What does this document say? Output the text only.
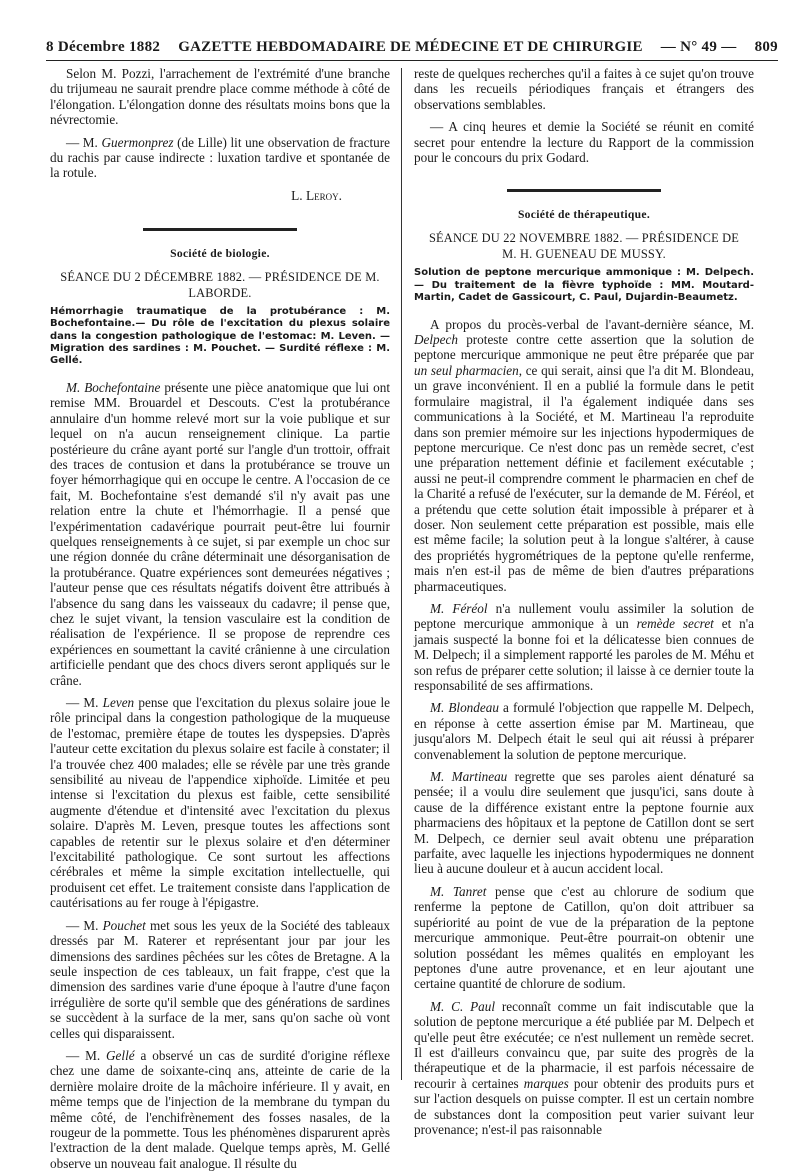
8 Décembre 1882 GAZETTE HEBDOMADAIRE DE MÉDECINE ET DE CHIRURGIE — N° 49 — 809

Selon M. Pozzi, l'arrachement de l'extrémité d'une branche du trijumeau ne saurait prendre place comme méthode à côté de l'élongation. L'élongation donne des résultats moins bons que la névrectomie.

— M. Guermonprez (de Lille) lit une observation de fracture du rachis par cause indirecte : luxation tardive et spontanée de la rotule.

L. Leroy.
Société de biologie.
SÉANCE DU 2 DÉCEMBRE 1882. — PRÉSIDENCE DE M. LABORDE.
Hémorrhagie traumatique de la protubérance : M. Bochefontaine.— Du rôle de l'excitation du plexus solaire dans la congestion pathologique de l'estomac: M. Leven. — Migration des sardines : M. Pouchet. — Surdité réflexe : M. Gellé.

M. Bochefontaine présente une pièce anatomique que lui ont remise MM. Brouardel et Descouts. C'est la protubérance annulaire d'un homme relevé mort sur la voie publique et sur lequel on n'a aucun renseignement clinique. La partie postérieure du crâne ayant porté sur l'angle d'un trottoir, offrait des traces de contusion et dans la protubérance se trouve un foyer hémorrhagique qui en occupe le centre. A l'occasion de ce fait, M. Bochefontaine s'est demandé s'il n'y avait pas une relation entre la chute et l'hémorrhagie. Il a pensé que l'expérimentation cadavérique pourrait peut-être lui fournir quelques renseignements à ce sujet, si par exemple un choc sur une région donnée du crâne déterminait une désorganisation de la protubérance. Quatre expériences sont demeurées négatives ; l'auteur pense que ces résultats négatifs doivent être attribués à l'absence du sang dans les vaisseaux du cadavre; il pense que, chez le sujet vivant, la tension vasculaire est la condition de réalisation de l'expérience. Il se propose de reprendre ces expériences en soumettant la cavité crânienne à une circulation artificielle pendant que des chocs divers seront appliqués sur le crâne.

— M. Leven pense que l'excitation du plexus solaire joue le rôle principal dans la congestion pathologique de la muqueuse de l'estomac, première étape de toutes les dyspepsies. D'après l'auteur cette excitation du plexus solaire est facile à constater; il l'a trouvée chez 400 malades; elle se révèle par une très grande sensibilité au niveau de l'appendice xiphoïde. Limitée et peu intense si l'excitation du plexus est faible, cette sensibilité augmente d'étendue et d'intensité avec l'excitation du plexus solaire. D'après M. Leven, presque toutes les affections sont capables de retentir sur le plexus solaire et d'en déterminer l'excitabilité pathologique. Ce sont surtout les affections cérébrales et même la simple excitation intellectuelle, qui produisent cet effet. Le traitement consiste dans l'application de cautérisations au fer rouge à l'épigastre.

— M. Pouchet met sous les yeux de la Société des tableaux dressés par M. Raterer et représentant jour par jour les dimensions des sardines pêchées sur les côtes de Bretagne. A la seule inspection de ces tableaux, un fait frappe, c'est que la dimension des sardines varie d'une époque à l'autre d'une façon irrégulière de sorte qu'il semble que des générations de sardines se succèdent à la surface de la mer, sans qu'on sache où vont celles qui disparaissent.

— M. Gellé a observé un cas de surdité d'origine réflexe chez une dame de soixante-cinq ans, atteinte de carie de la dernière molaire droite de la mâchoire inférieure. Il y avait, en même temps que de l'injection de la membrane du tympan du même côté, de l'enchifrènement des fosses nasales, de la rougeur de la pommette. Tous les phénomènes disparurent après l'extraction de la dent malade. Quelque temps après, M. Gellé observe un nouveau fait analogue. Il résulte du

reste de quelques recherches qu'il a faites à ce sujet qu'on trouve dans les recueils périodiques français et étrangers des observations semblables.

— A cinq heures et demie la Société se réunit en comité secret pour entendre la lecture du Rapport de la commission pour le concours du prix Godard.

Société de thérapeutique.
SÉANCE DU 22 NOVEMBRE 1882. — PRÉSIDENCE DE
M. H. GUENEAU DE MUSSY.
Solution de peptone mercurique ammonique : M. Delpech. — Du traitement de la fièvre typhoïde : MM. Moutard-Martin, Cadet de Gassicourt, C. Paul, Dujardin-Beaumetz.

A propos du procès-verbal de l'avant-dernière séance, M. Delpech proteste contre cette assertion que la solution de peptone mercurique ammonique ne peut être préparée que par un seul pharmacien, ce qui serait, ainsi que l'a dit M. Blondeau, un grave inconvénient. Il en a publié la formule dans le petit formulaire magistral, il l'a également indiquée dans ses communications à la Société, et M. Martineau l'a reproduite dans son premier mémoire sur les injections hypodermiques de peptone mercurique. Ce n'est donc pas un remède secret, c'est une préparation nettement définie et facilement exécutable ; aussi ne peut-il comprendre comment le pharmacien en chef de la Charité a refusé de l'exécuter, sur la demande de M. Féréol, et a prétendu que cette solution était impossible à préparer et à doser. Non seulement cette préparation est possible, mais elle est même facile; la solution peut à la longue s'altérer, à cause des propriétés hygrométriques de la peptone qu'elle renferme, mais n'en est-il pas de même de bien d'autres préparations pharmaceutiques.

M. Féréol n'a nullement voulu assimiler la solution de peptone mercurique ammonique à un remède secret et n'a jamais suspecté la bonne foi et la délicatesse bien connues de M. Delpech; il a simplement rapporté les paroles de M. Méhu et son refus de préparer cette solution; il laisse à ce dernier toute la responsabilité de ses affirmations.

M. Blondeau a formulé l'objection que rappelle M. Delpech, en réponse à cette assertion émise par M. Martineau, que jusqu'alors M. Delpech était le seul qui ait réussi à préparer convenablement la solution de peptone mercurique.

M. Martineau regrette que ses paroles aient dénaturé sa pensée; il a voulu dire seulement que jusqu'ici, sans doute à cause de la différence existant entre la peptone fournie aux pharmaciens des hôpitaux et la peptone de Catillon dont se sert M. Delpech, ce dernier seul avait obtenu une préparation parfaite, avec laquelle les injections hypodermiques ne donnent lieu à aucune douleur et à aucun accident local.

M. Tanret pense que c'est au chlorure de sodium que renferme la peptone de Catillon, qu'on doit attribuer sa supériorité au point de vue de la préparation de la peptone mercurique ammonique. Peut-être pourrait-on obtenir une solution possédant les mêmes qualités en employant les peptones d'une autre provenance, et en leur ajoutant une certaine quantité de chlorure de sodium.

M. C. Paul reconnaît comme un fait indiscutable que la solution de peptone mercurique a été publiée par M. Delpech et qu'elle peut être exécutée; ce n'est nullement un remède secret. Il est d'ailleurs convaincu que, par suite des progrès de la thérapeutique et de la pharmacie, il est parfois nécessaire de recourir à certaines marques pour obtenir des produits purs et sur l'action desquels on puisse compter. Il est un certain nombre de substances dont la composition peut varier suivant leur provenance; n'est-il pas raisonnable
